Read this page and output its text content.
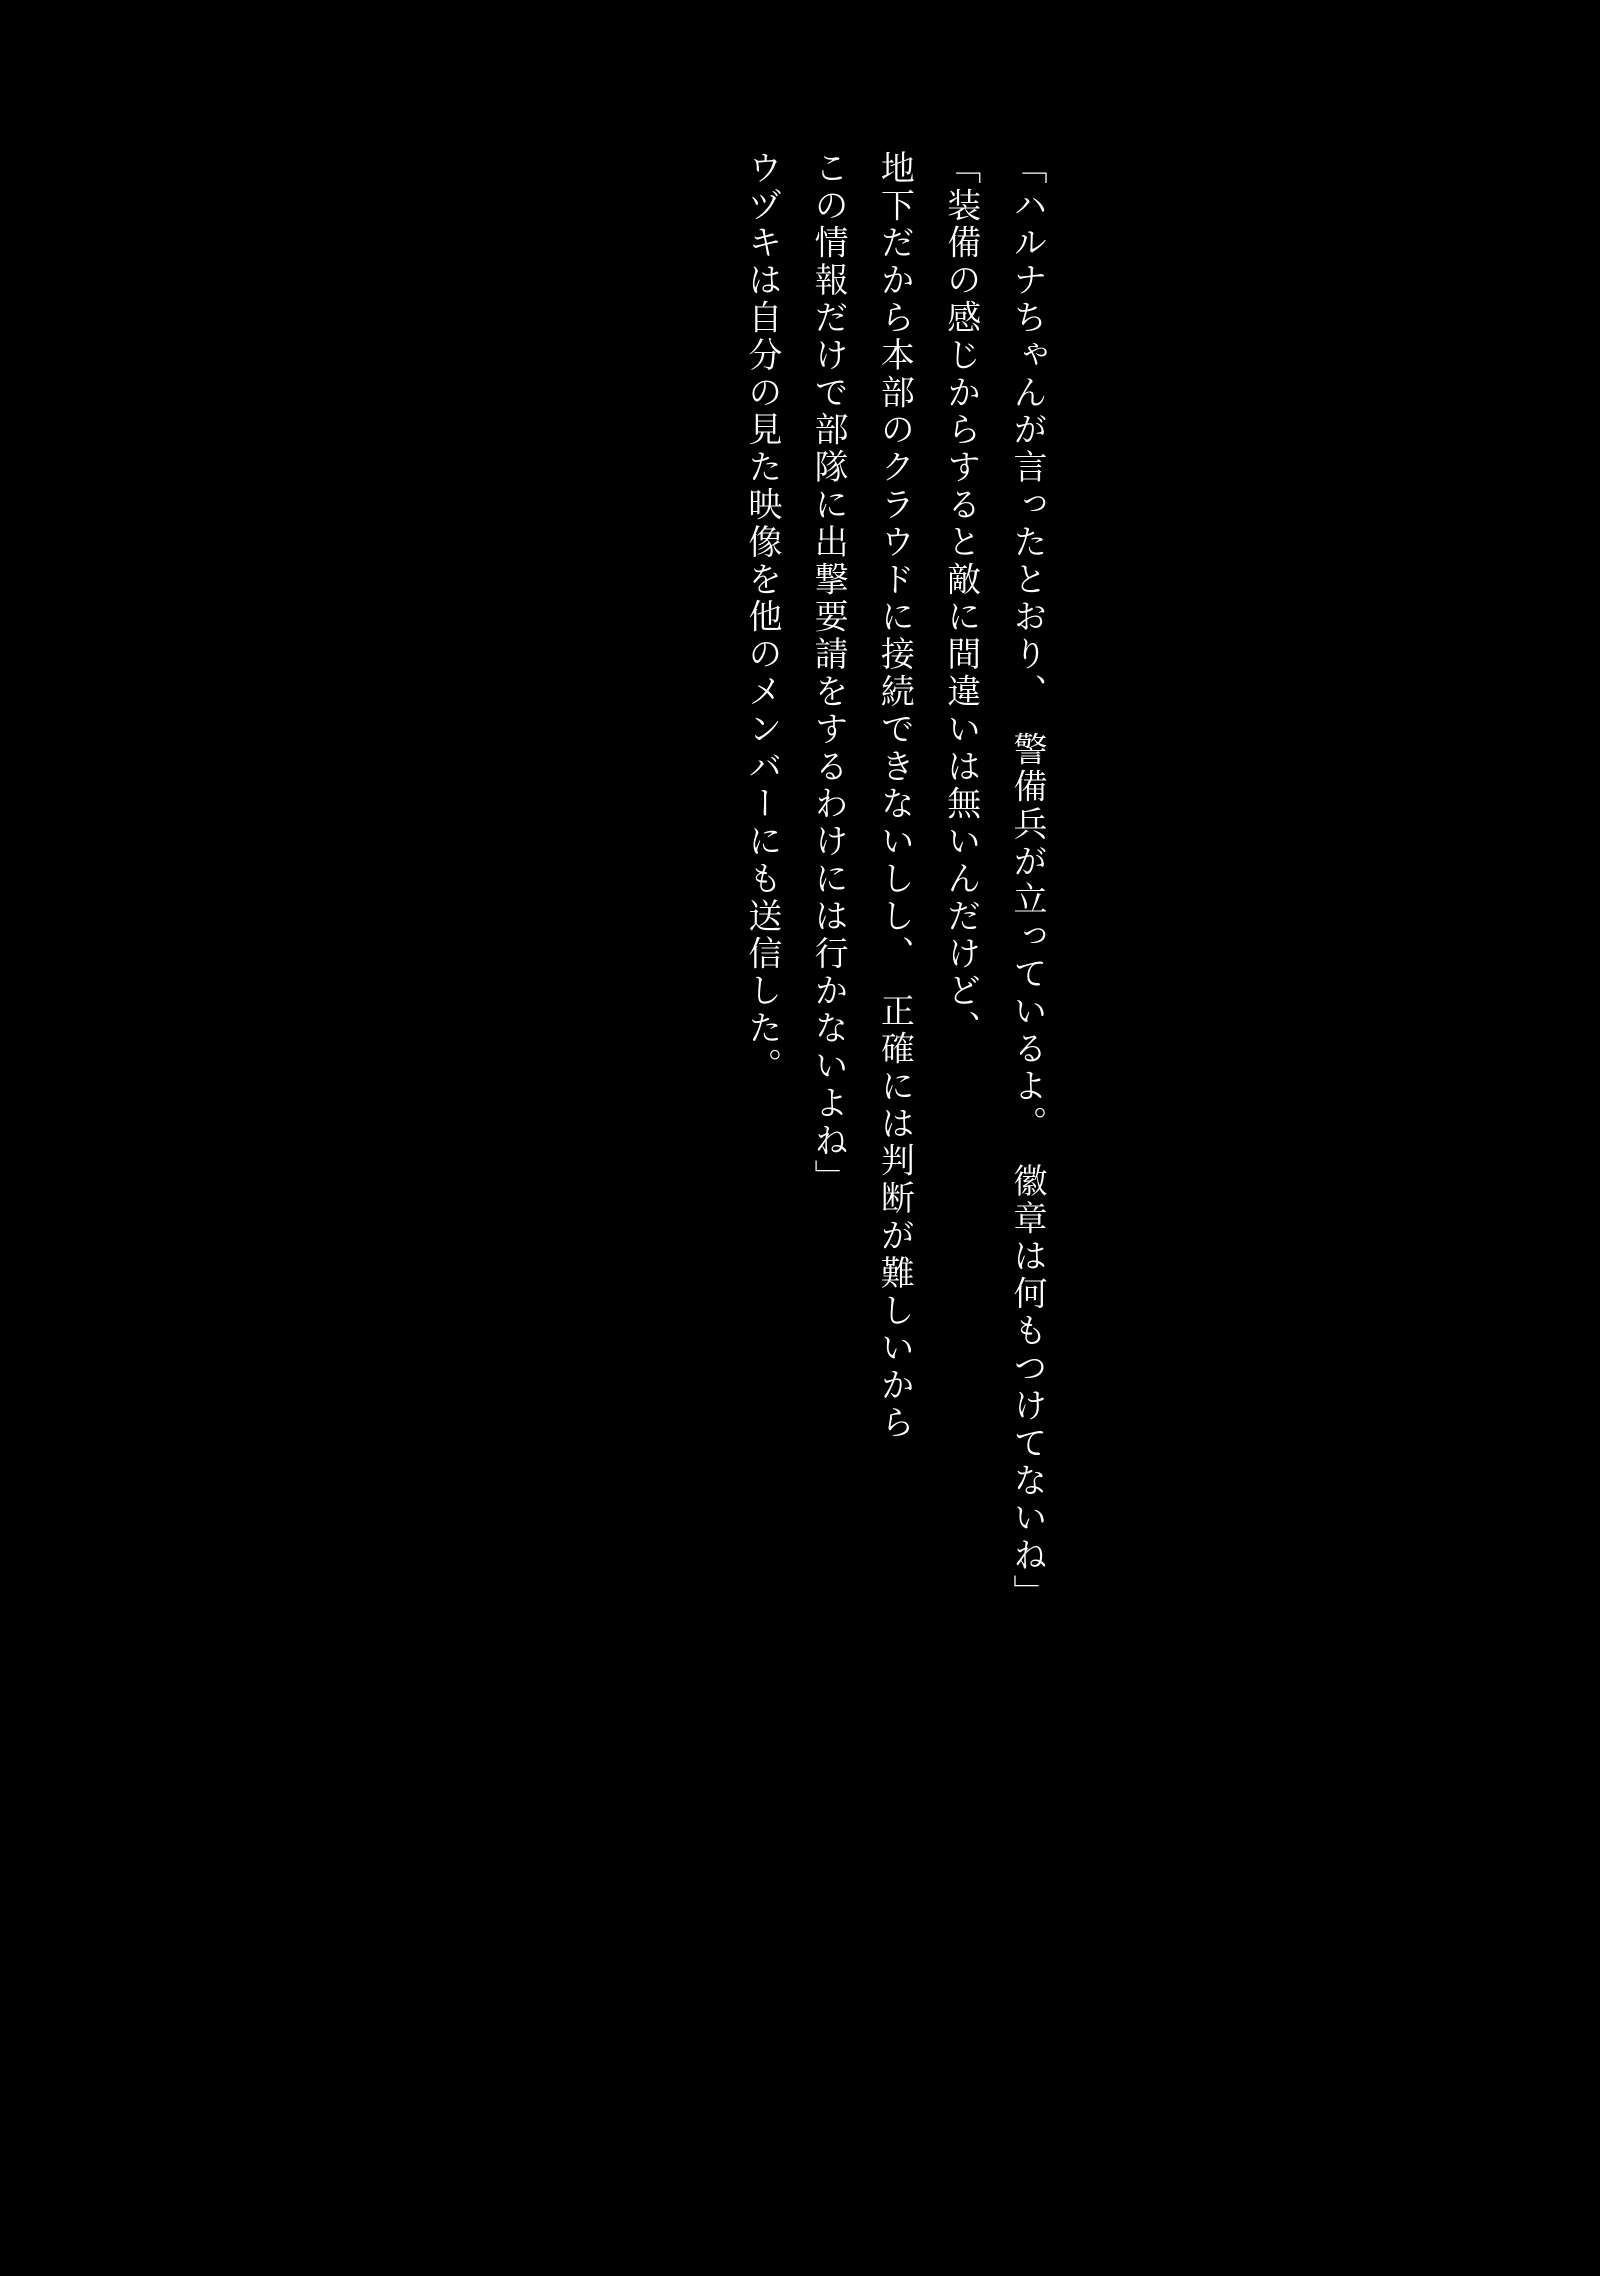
「ハルナちゃんが言ったとおり、　警備兵が立っているよ。　徽章は何もつけてないね」

「装備の感じからすると敵に間違いは無いんだけど、

地下だから本部のクラウドに接続できないしし、　正確には判断が難しいから

この情報だけで部隊に出撃要請をするわけには行かないよね」

ウヅキは自分の見た映像を他のメンバーにも送信した。
